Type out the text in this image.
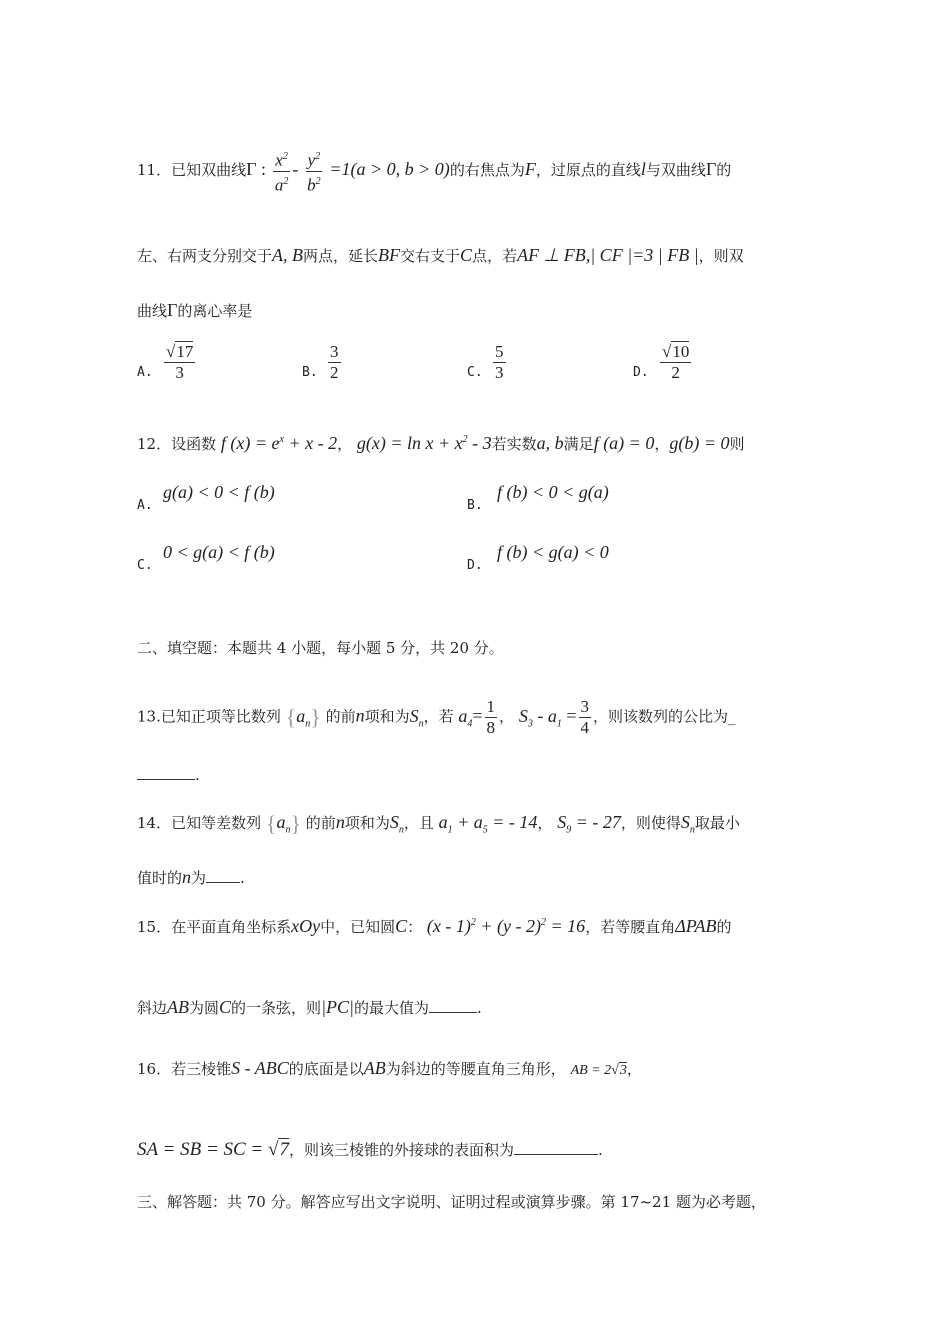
11．已知双曲线Γ : $\frac{x^2}{a^2} - \frac{y^2}{b^2} =1(a > 0$, b > 0)的右焦点为F，过原点的直线l与双曲线Γ的
左、右两支分别交于A, B两点，延长BF交右支于C点，若AF ⊥ FB,| CF |=3 | FB |，则双
曲线Γ的离心率是
A. $\frac{√17}{3}$	B. $\frac{3}{2}$	C. $\frac{5}{3}$	D. $\frac{√10}{2}$
12．设函数 f $(x) = e^x + x - 2$， $g(x) = \ln x + x^2 - 3$若实数a, b满足f (a) = 0，g(b) = 0则
A.
g(a) < 0 < f (b)
B.
f (b) < 0 < g(a)
C.
0 < g(a) < f (b)
D.
f (b) < g(a) < 0
二、填空题：本题共 4 小题，每小题 5 分，共 20 分。
13.已知正项等比数列 $\{a_n\}$ 的前n项和为$S_n$，若 $a_4= \frac{1}{8}$ ， $S_3 - a_1 = \frac{3}{4}$ ，则该数列的公比为_
.
14．已知等差数列 $\{a_n\}$ 的前n项和为$S_n$，且 $a_1 + a_5$ = - 14， $S_9$ = - 27，则使得$S_n$取最小
值时的n为 .
15．在平面直角坐标系xOy中，已知圆C： (x - 1)$^2$ + (y - 2)$^2$ = 16，若等腰直角ΔPAB的
斜边AB为圆C的一条弦，则|PC|的最大值为	.
16．若三棱锥S - ABC的底面是以AB为斜边的等腰直角三角形， AB = 2√3，
SA = SB = SC = √7，则该三棱锥的外接球的表面积为	.
三、解答题：共 70 分。解答应写出文字说明、证明过程或演算步骤。第 17~21 题为必考题，
